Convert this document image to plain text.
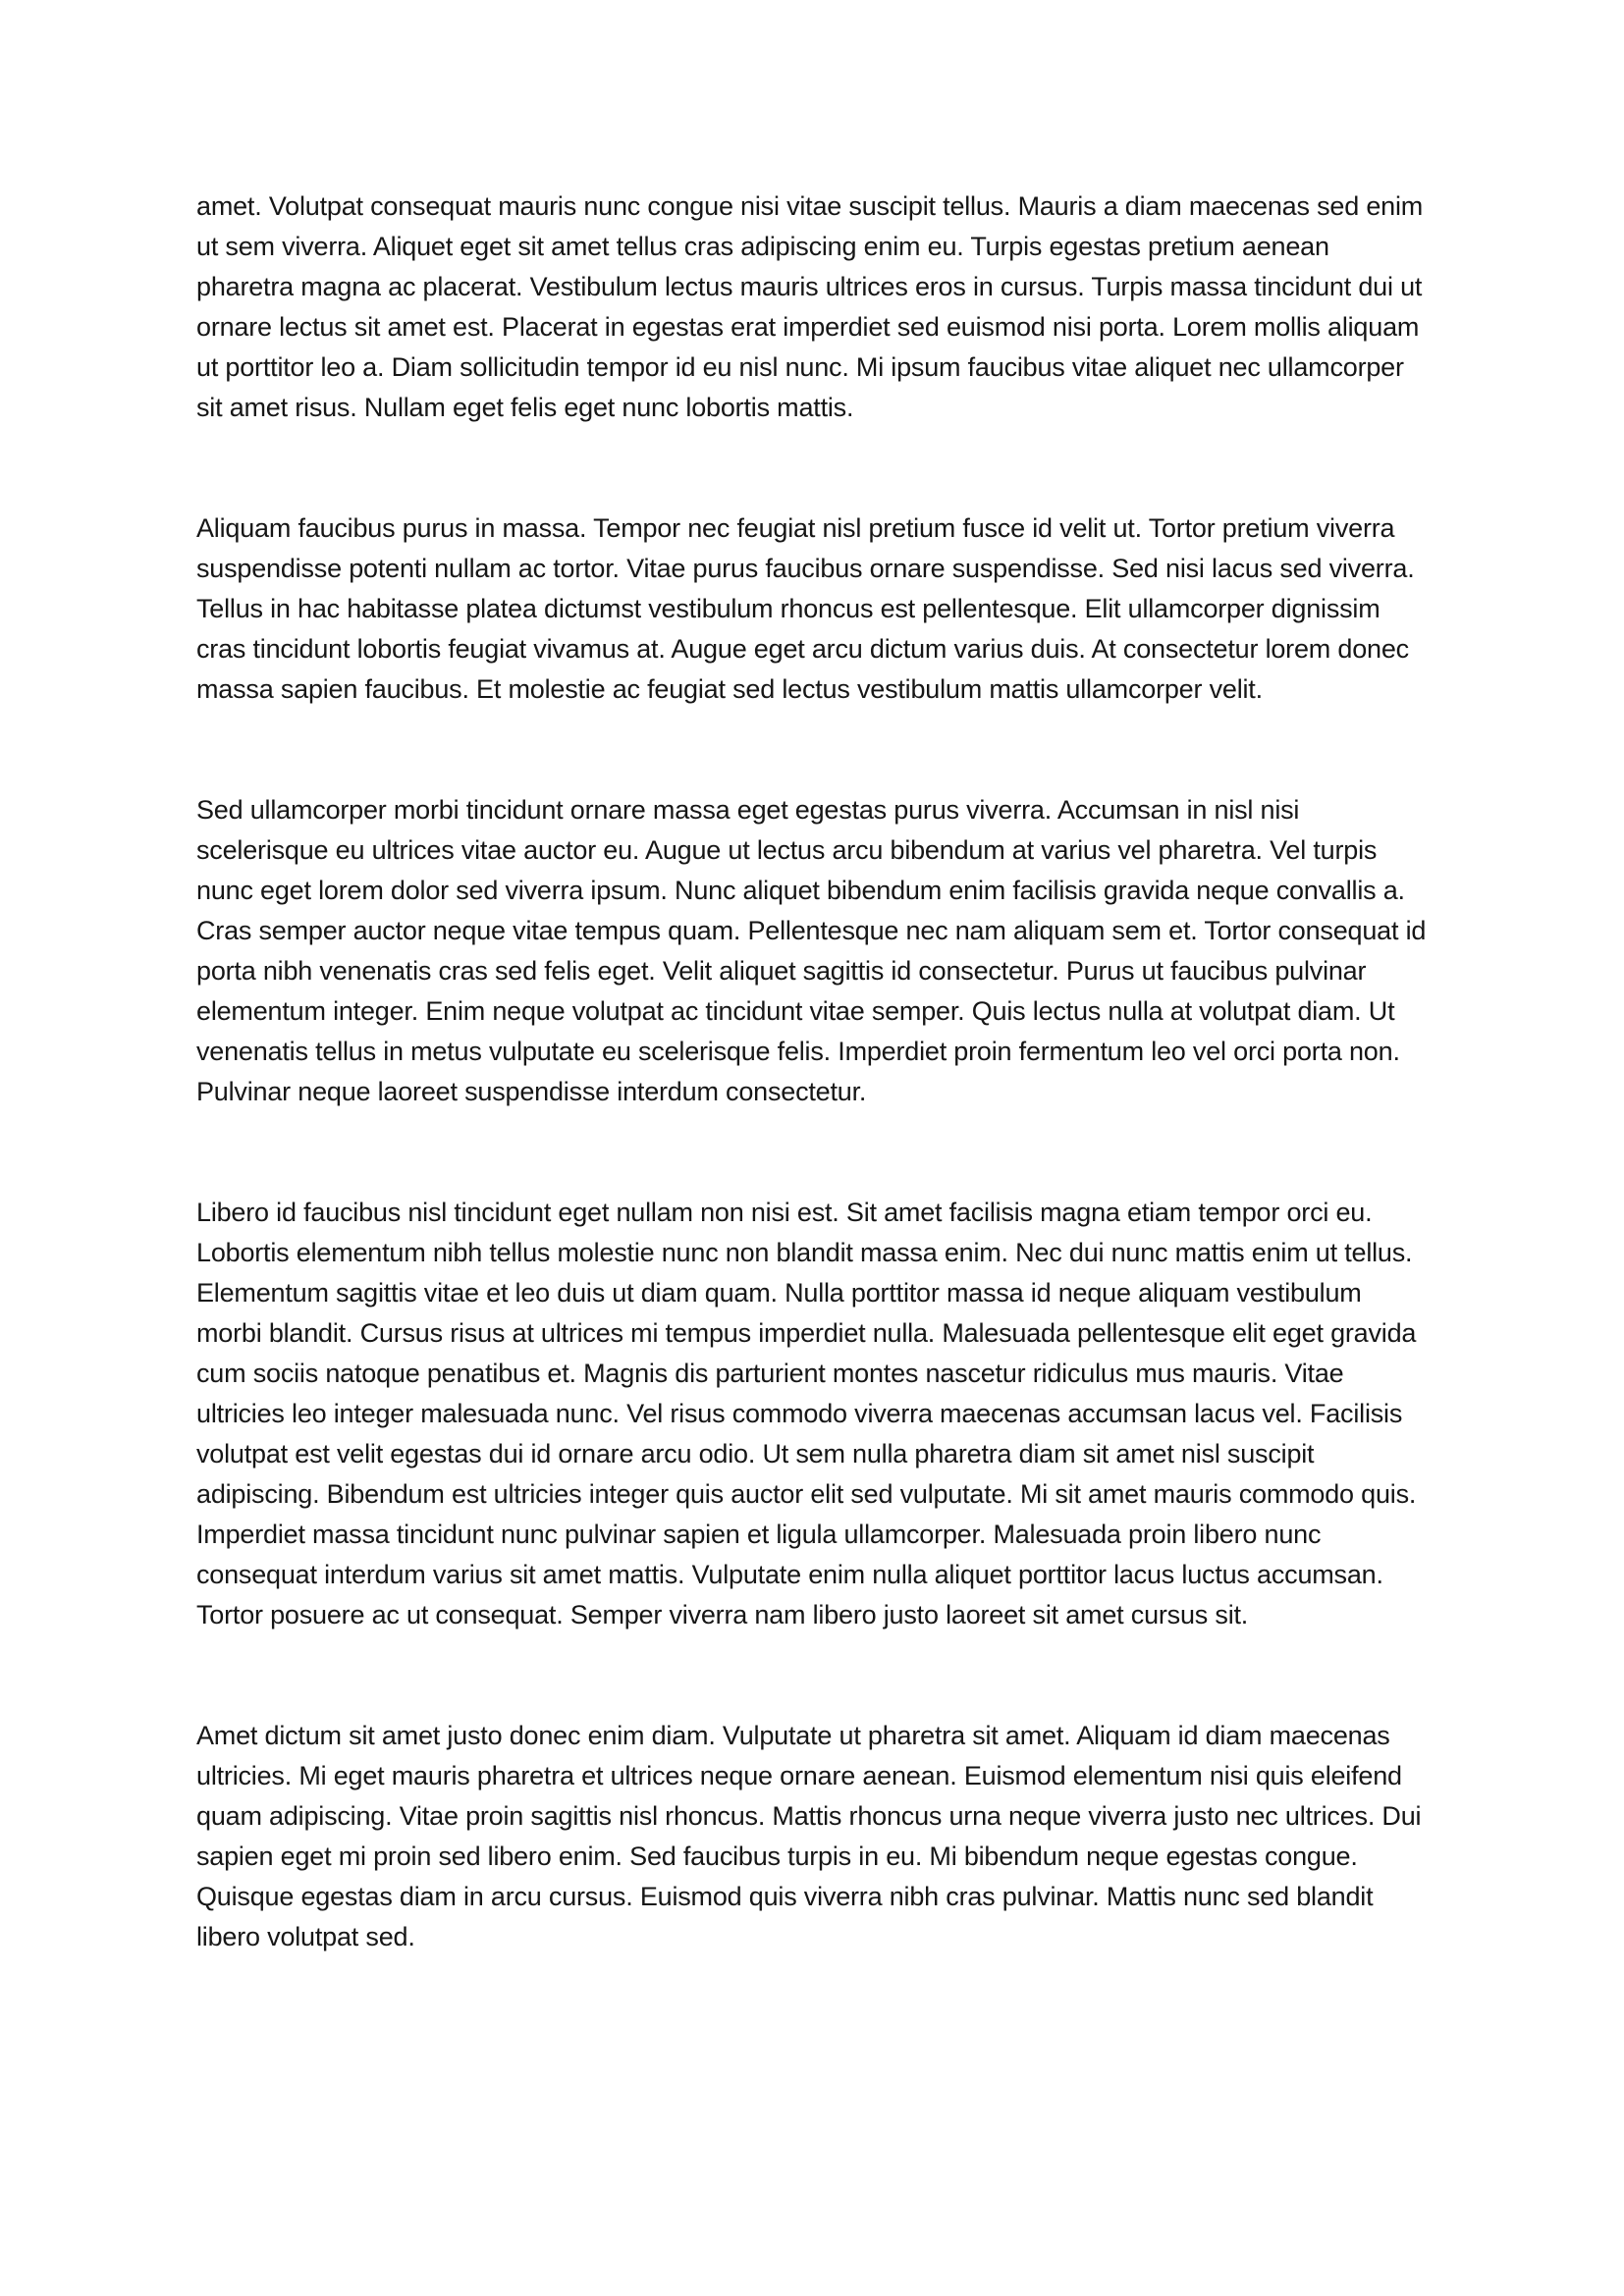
amet. Volutpat consequat mauris nunc congue nisi vitae suscipit tellus. Mauris a diam maecenas sed enim ut sem viverra. Aliquet eget sit amet tellus cras adipiscing enim eu. Turpis egestas pretium aenean pharetra magna ac placerat. Vestibulum lectus mauris ultrices eros in cursus. Turpis massa tincidunt dui ut ornare lectus sit amet est. Placerat in egestas erat imperdiet sed euismod nisi porta. Lorem mollis aliquam ut porttitor leo a. Diam sollicitudin tempor id eu nisl nunc. Mi ipsum faucibus vitae aliquet nec ullamcorper sit amet risus. Nullam eget felis eget nunc lobortis mattis.

Aliquam faucibus purus in massa. Tempor nec feugiat nisl pretium fusce id velit ut. Tortor pretium viverra suspendisse potenti nullam ac tortor. Vitae purus faucibus ornare suspendisse. Sed nisi lacus sed viverra. Tellus in hac habitasse platea dictumst vestibulum rhoncus est pellentesque. Elit ullamcorper dignissim cras tincidunt lobortis feugiat vivamus at. Augue eget arcu dictum varius duis. At consectetur lorem donec massa sapien faucibus. Et molestie ac feugiat sed lectus vestibulum mattis ullamcorper velit.

Sed ullamcorper morbi tincidunt ornare massa eget egestas purus viverra. Accumsan in nisl nisi scelerisque eu ultrices vitae auctor eu. Augue ut lectus arcu bibendum at varius vel pharetra. Vel turpis nunc eget lorem dolor sed viverra ipsum. Nunc aliquet bibendum enim facilisis gravida neque convallis a. Cras semper auctor neque vitae tempus quam. Pellentesque nec nam aliquam sem et. Tortor consequat id porta nibh venenatis cras sed felis eget. Velit aliquet sagittis id consectetur. Purus ut faucibus pulvinar elementum integer. Enim neque volutpat ac tincidunt vitae semper. Quis lectus nulla at volutpat diam. Ut venenatis tellus in metus vulputate eu scelerisque felis. Imperdiet proin fermentum leo vel orci porta non. Pulvinar neque laoreet suspendisse interdum consectetur.

Libero id faucibus nisl tincidunt eget nullam non nisi est. Sit amet facilisis magna etiam tempor orci eu. Lobortis elementum nibh tellus molestie nunc non blandit massa enim. Nec dui nunc mattis enim ut tellus. Elementum sagittis vitae et leo duis ut diam quam. Nulla porttitor massa id neque aliquam vestibulum morbi blandit. Cursus risus at ultrices mi tempus imperdiet nulla. Malesuada pellentesque elit eget gravida cum sociis natoque penatibus et. Magnis dis parturient montes nascetur ridiculus mus mauris. Vitae ultricies leo integer malesuada nunc. Vel risus commodo viverra maecenas accumsan lacus vel. Facilisis volutpat est velit egestas dui id ornare arcu odio. Ut sem nulla pharetra diam sit amet nisl suscipit adipiscing. Bibendum est ultricies integer quis auctor elit sed vulputate. Mi sit amet mauris commodo quis. Imperdiet massa tincidunt nunc pulvinar sapien et ligula ullamcorper. Malesuada proin libero nunc consequat interdum varius sit amet mattis. Vulputate enim nulla aliquet porttitor lacus luctus accumsan. Tortor posuere ac ut consequat. Semper viverra nam libero justo laoreet sit amet cursus sit.

Amet dictum sit amet justo donec enim diam. Vulputate ut pharetra sit amet. Aliquam id diam maecenas ultricies. Mi eget mauris pharetra et ultrices neque ornare aenean. Euismod elementum nisi quis eleifend quam adipiscing. Vitae proin sagittis nisl rhoncus. Mattis rhoncus urna neque viverra justo nec ultrices. Dui sapien eget mi proin sed libero enim. Sed faucibus turpis in eu. Mi bibendum neque egestas congue. Quisque egestas diam in arcu cursus. Euismod quis viverra nibh cras pulvinar. Mattis nunc sed blandit libero volutpat sed.
